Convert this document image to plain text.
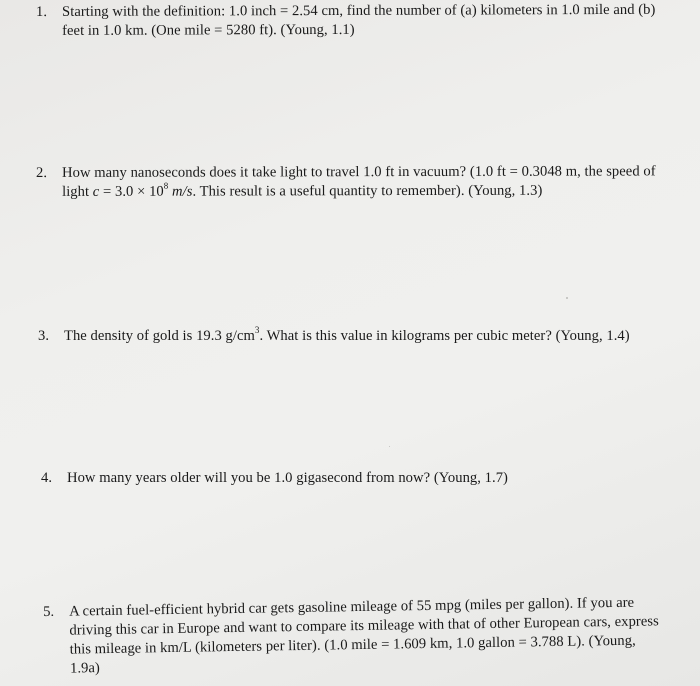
1. Starting with the definition: 1.0 inch = 2.54 cm, find the number of (a) kilometers in 1.0 mile and (b)
feet in 1.0 km. (One mile = 5280 ft). (Young, 1.1)
2. How many nanoseconds does it take light to travel 1.0 ft in vacuum? (1.0 ft = 0.3048 m, the speed of
light $c = 3.0 \times 10^8$ m/s. This result is a useful quantity to remember). (Young, 1.3)
3. The density of gold is 19.3 $g/cm^3$. What is this value in kilograms per cubic meter? (Young, 1.4)
4. How many years older will you be 1.0 gigasecond from now? (Young, 1.7)
5. A certain fuel-efficient hybrid car gets gasoline mileage of 55 mpg (miles per gallon). If you are
driving this car in Europe and want to compare its mileage with that of other European cars, express
this mileage in km/L (kilometers per liter). (1.0 mile = 1.609 km, 1.0 gallon = 3.788 L). (Young,
1.9a)
